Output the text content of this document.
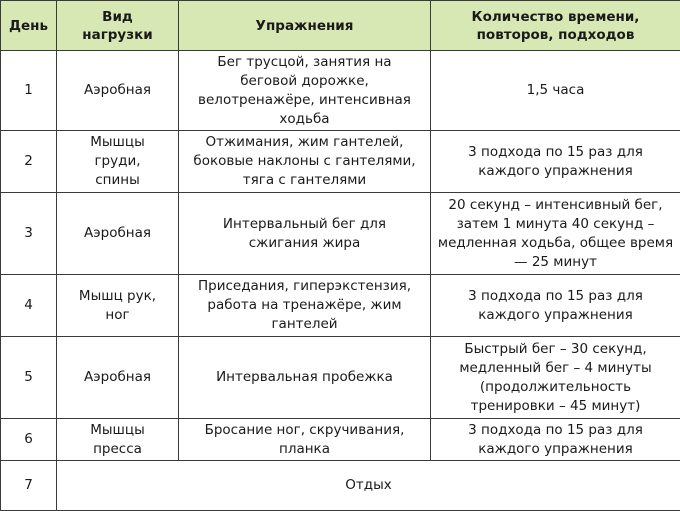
День	Вид нагрузки	Упражнения	Количество времени, повторов, подходов
1	Аэробная	Бег трусцой, занятия на беговой дорожке, велотренажёре, интенсивная ходьба	1,5 часа
2	Мышцы груди, спины	Отжимания, жим гантелей, боковые наклоны с гантелями, тяга с гантелями	3 подхода по 15 раз для каждого упражнения
3	Аэробная	Интервальный бег для сжигания жира	20 секунд – интенсивный бег, затем 1 минута 40 секунд – медленная ходьба, общее время — 25 минут
4	Мышц рук, ног	Приседания, гиперэкстензия, работа на тренажёре, жим гантелей	3 подхода по 15 раз для каждого упражнения
5	Аэробная	Интервальная пробежка	Быстрый бег – 30 секунд, медленный бег – 4 минуты (продолжительность тренировки – 45 минут)
6	Мышцы пресса	Бросание ног, скручивания, планка	3 подхода по 15 раз для каждого упражнения
7	Отдых		
